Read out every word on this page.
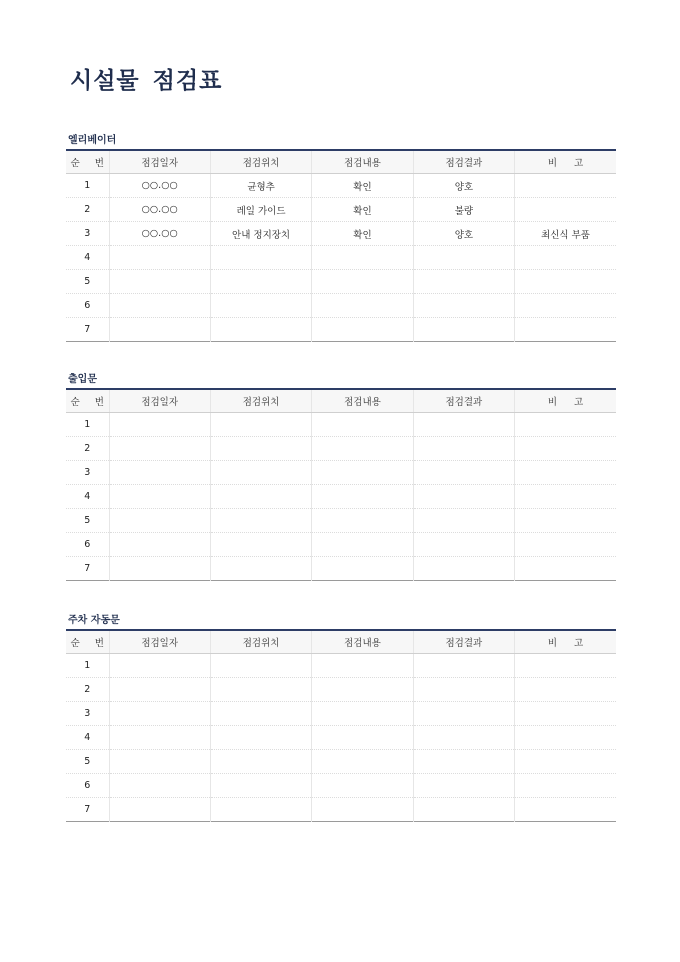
시설물 점검표
엘리베이터
순 번	점검일자	점검위치	점검내용	점검결과	비 고
1	○○.○○	균형추	확인	양호	
2	○○.○○	레일 가이드	확인	불량	
3	○○.○○	안내 정지장치	확인	양호	최신식 부품
4					
5					
6					
7					
출입문
순 번	점검일자	점검위치	점검내용	점검결과	비 고
1					
2					
3					
4					
5					
6					
7					
주차 자동문
순 번	점검일자	점검위치	점검내용	점검결과	비 고
1					
2					
3					
4					
5					
6					
7					
